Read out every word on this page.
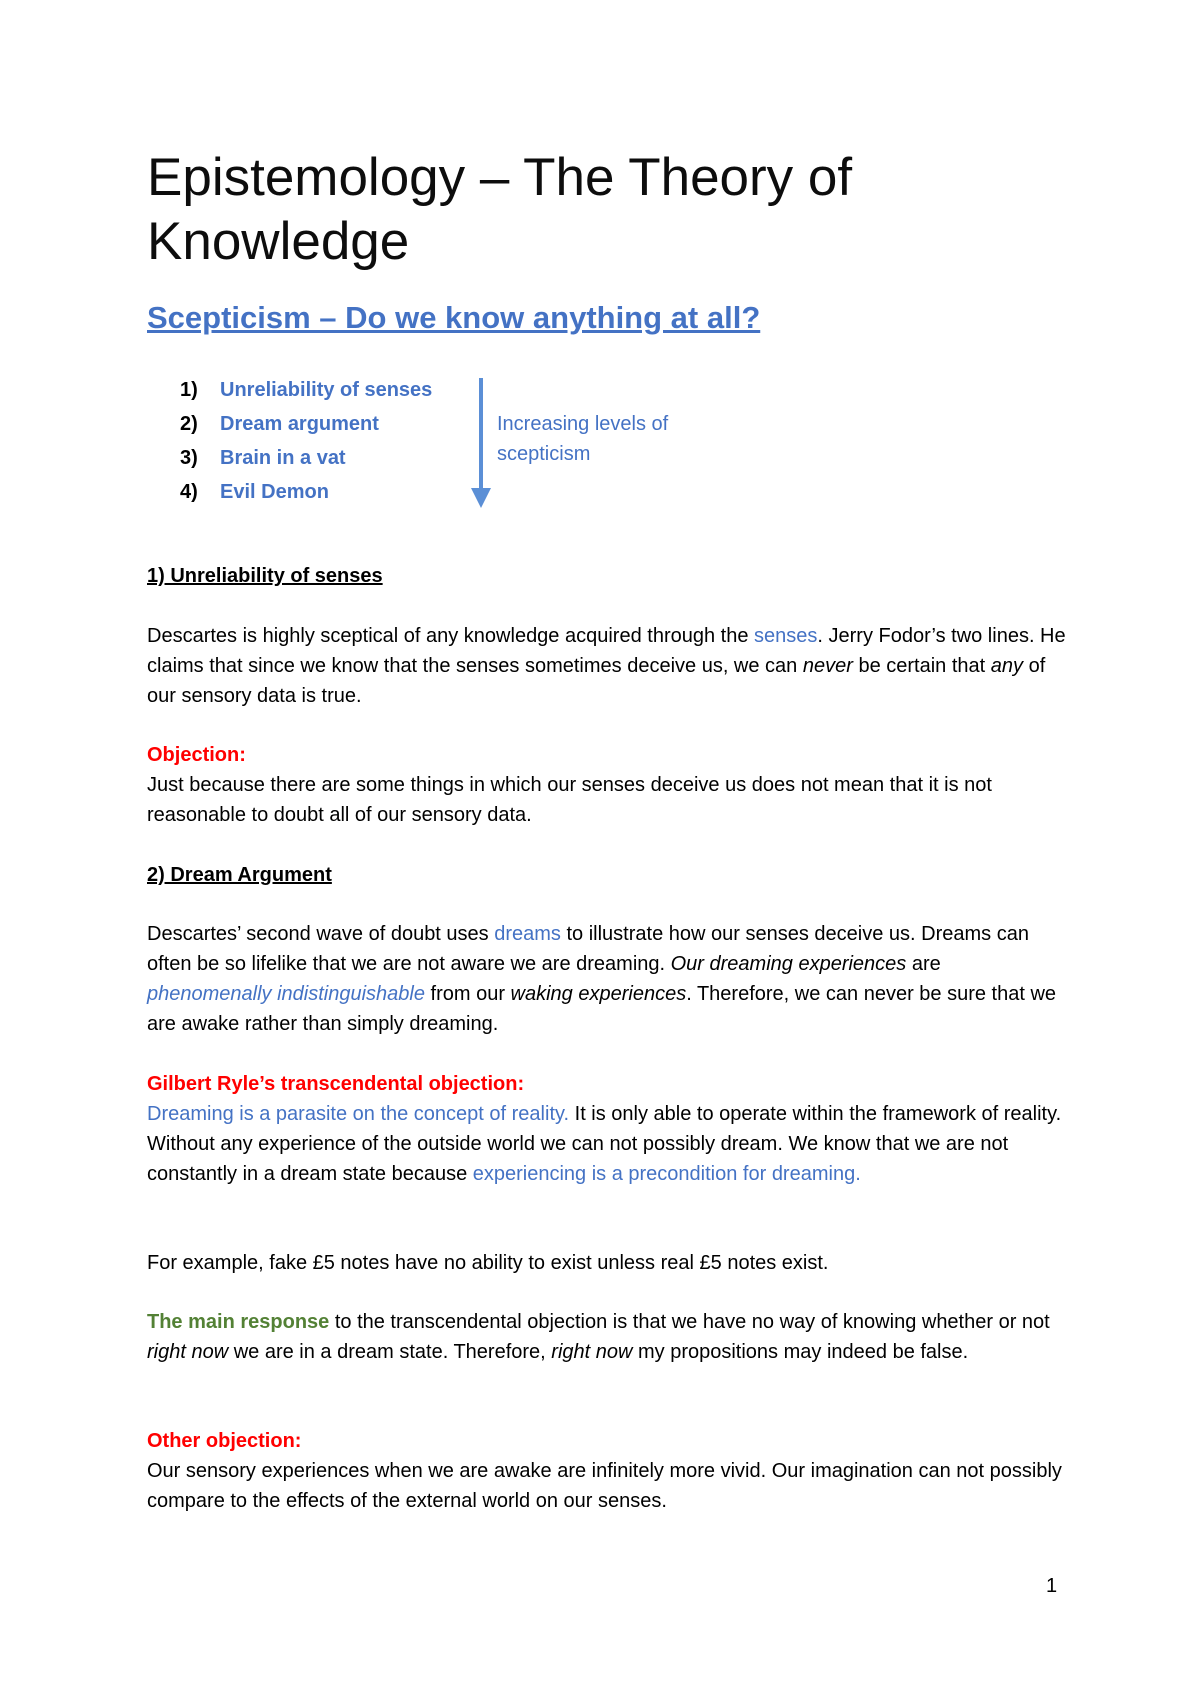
Epistemology – The Theory of Knowledge
Scepticism – Do we know anything at all?
1) Unreliability of senses
2) Dream argument
3) Brain in a vat
4) Evil Demon
Increasing levels of scepticism
1) Unreliability of senses
Descartes is highly sceptical of any knowledge acquired through the senses. Jerry Fodor’s two lines. He claims that since we know that the senses sometimes deceive us, we can never be certain that any of our sensory data is true.
Objection:
Just because there are some things in which our senses deceive us does not mean that it is not reasonable to doubt all of our sensory data.
2) Dream Argument
Descartes’ second wave of doubt uses dreams to illustrate how our senses deceive us. Dreams can often be so lifelike that we are not aware we are dreaming. Our dreaming experiences are phenomenally indistinguishable from our waking experiences. Therefore, we can never be sure that we are awake rather than simply dreaming.
Gilbert Ryle’s transcendental objection:
Dreaming is a parasite on the concept of reality. It is only able to operate within the framework of reality. Without any experience of the outside world we can not possibly dream. We know that we are not constantly in a dream state because experiencing is a precondition for dreaming.
For example, fake £5 notes have no ability to exist unless real £5 notes exist.
The main response to the transcendental objection is that we have no way of knowing whether or not right now we are in a dream state. Therefore, right now my propositions may indeed be false.
Other objection:
Our sensory experiences when we are awake are infinitely more vivid. Our imagination can not possibly compare to the effects of the external world on our senses.
1
